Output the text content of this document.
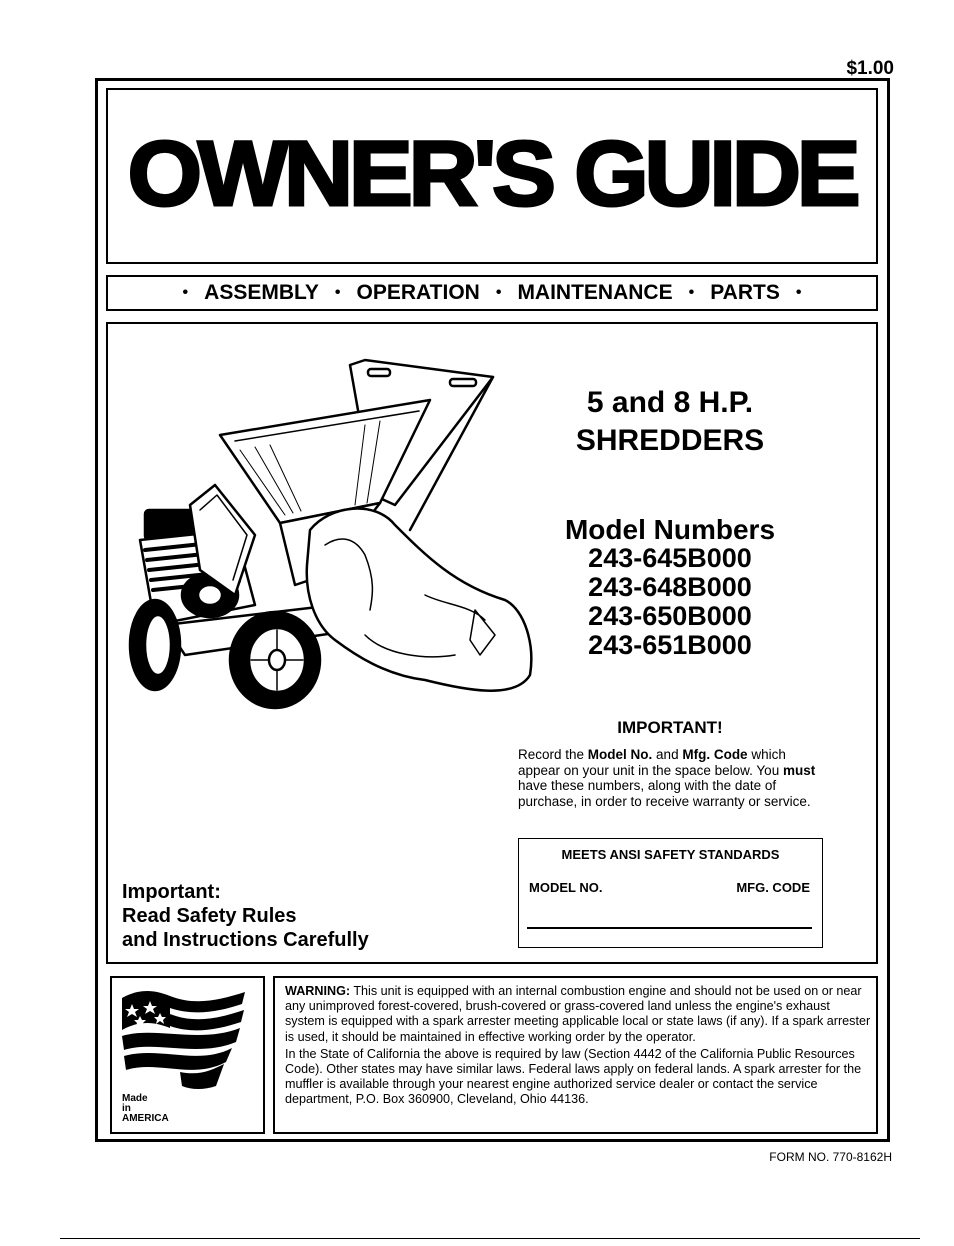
$1.00
OWNER'S GUIDE
• ASSEMBLY • OPERATION • MAINTENANCE • PARTS •
5 and 8 H.P.
SHREDDERS
Model Numbers
243-645B000
243-648B000
243-650B000
243-651B000
IMPORTANT!
Record the Model No. and Mfg. Code which appear on your unit in the space below. You must have these numbers, along with the date of purchase, in order to receive warranty or service.
MEETS ANSI SAFETY STANDARDS
MODEL NO.	MFG. CODE
Important:
Read Safety Rules
and Instructions Carefully
Made
in
AMERICA

WARNING: This unit is equipped with an internal combustion engine and should not be used on or near any unimproved forest-covered, brush-covered or grass-covered land unless the engine's exhaust system is equipped with a spark arrester meeting applicable local or state laws (if any). If a spark arrester is used, it should be maintained in effective working order by the operator.

In the State of California the above is required by law (Section 4442 of the California Public Resources Code). Other states may have similar laws. Federal laws apply on federal lands. A spark arrester for the muffler is available through your nearest engine authorized service dealer or contact the service department, P.O. Box 360900, Cleveland, Ohio 44136.

FORM NO. 770-8162H
